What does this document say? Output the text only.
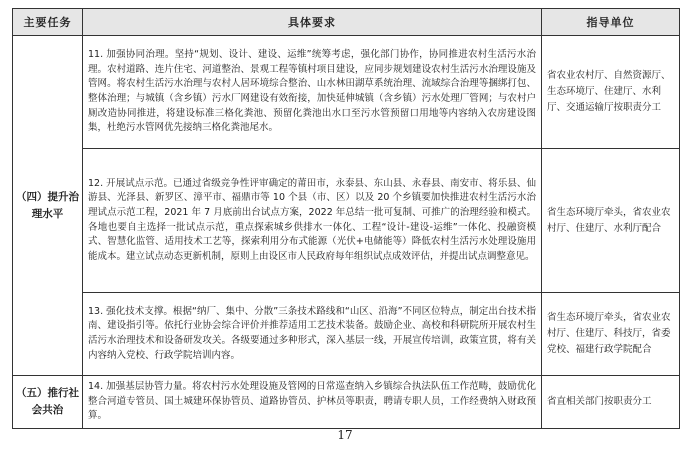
主要任务	具体要求	指导单位
（四）提升治理水平	11. 加强协同治理。坚持“规划、设计、建设、运维”统筹考虑，强化部门协作，协同推进农村生活污水治理。农村道路、连片住宅、河道整治、景观工程等镇村项目建设，应同步规划建设农村生活污水治理设施及管网。将农村生活污水治理与农村人居环境综合整治、山水林田湖草系统治理、流域综合治理等捆绑打包、整体治理；与城镇（含乡镇）污水厂网建设有效衔接，加快延伸城镇（含乡镇）污水处理厂管网；与农村户厕改造协同推进，将建设标准三格化粪池、预留化粪池出水口至污水管预留口用地等内容纳入农房建设图集，杜绝污水管网优先接纳三格化粪池尾水。	省农业农村厅、自然资源厅、生态环境厅、住建厅、水利厅、交通运输厅按职责分工
	12. 开展试点示范。已通过省级竞争性评审确定的莆田市，永泰县、东山县、永春县、南安市、将乐县、仙游县、光泽县、新罗区、漳平市、福鼎市等 10 个县（市、区）以及 20 个乡镇要加快推进农村生活污水治理试点示范工程，2021 年 7 月底前出台试点方案，2022 年总结一批可复制、可推广的治理经验和模式。各地也要自主选择一批试点示范，重点探索城乡供排水一体化、工程“设计-建设-运维”一体化、投融资模式、智慧化监管、适用技术工艺等，探索利用分布式能源（光伏+电储能等）降低农村生活污水处理设施用能成本。建立试点动态更新机制，原则上由设区市人民政府每年组织试点成效评估，并提出试点调整意见。	省生态环境厅牵头，省农业农村厅、住建厅、水利厅配合
	13. 强化技术支撑。根据“纳厂、集中、分散”三条技术路线和“山区、沿海”不同区位特点，制定出台技术指南、建设指引等。依托行业协会综合评价并推荐适用工艺技术装备。鼓励企业、高校和科研院所开展农村生活污水治理技术和设备研发攻关。各级要通过多种形式，深入基层一线，开展宣传培训，政策宣贯，将有关内容纳入党校、行政学院培训内容。	省生态环境厅牵头，省农业农村厅、住建厅、科技厅，省委党校、福建行政学院配合
（五）推行社会共治	14. 加强基层协管力量。将农村污水处理设施及管网的日常巡查纳入乡镇综合执法队伍工作范畴，鼓励优化整合河道专管员、国土城建环保协管员、道路协管员、护林员等职责，聘请专职人员，工作经费纳入财政预算。	省直相关部门按职责分工
17
